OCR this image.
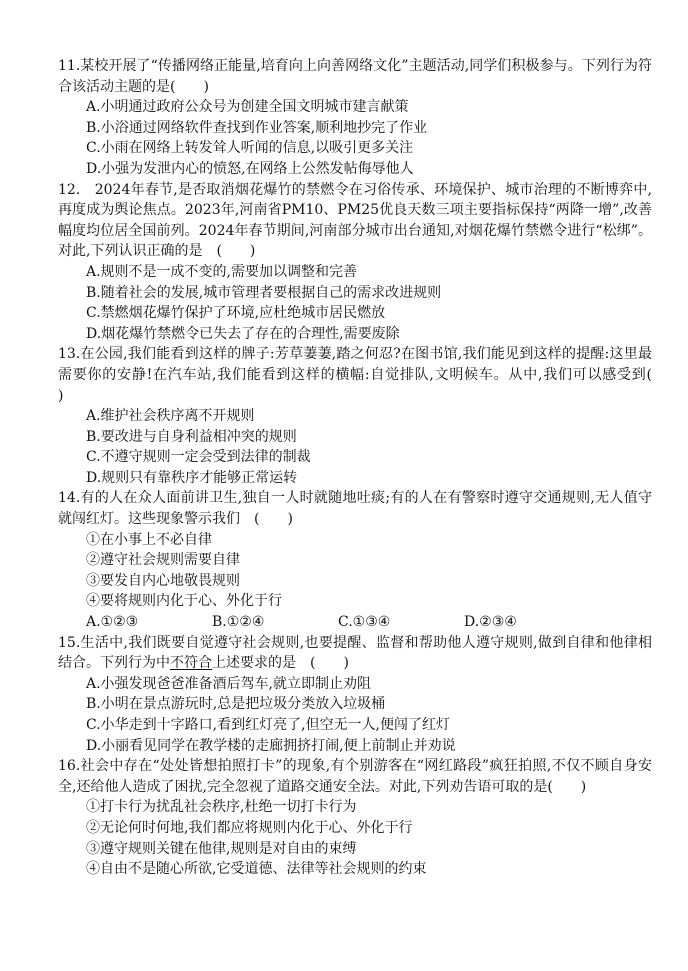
11.某校开展了“传播网络正能量,培育向上向善网络文化”主题活动,同学们积极参与。下列行为符合该活动主题的是(　　)

A.小明通过政府公众号为创建全国文明城市建言献策

B.小浴通过网络软件查找到作业答案,顺利地抄完了作业

C.小雨在网络上转发耸人听闻的信息,以吸引更多关注

D.小强为发泄内心的愤怒,在网络上公然发帖侮辱他人

12.　2024年春节,是否取消烟花爆竹的禁燃令在习俗传承、环境保护、城市治理的不断博弈中,再度成为舆论焦点。2023年,河南省PM10、PM25优良天数三项主要指标保持“两降一增”,改善幅度均位居全国前列。2024年春节期间,河南部分城市出台通知,对烟花爆竹禁燃令进行“松绑”。对此,下列认识正确的是　(　　)

A.规则不是一成不变的,需要加以调整和完善

B.随着社会的发展,城市管理者要根据自己的需求改进规则

C.禁燃烟花爆竹保护了环境,应杜绝城市居民燃放

D.烟花爆竹禁燃令已失去了存在的合理性,需要废除

13.在公园,我们能看到这样的牌子:芳草萋萋,踏之何忍?在图书馆,我们能见到这样的提醒:这里最需要你的安静!在汽车站,我们能看到这样的横幅:自觉排队,文明候车。从中,我们可以感受到(　　)

A.维护社会秩序离不开规则

B.要改进与自身利益相冲突的规则

C.不遵守规则一定会受到法律的制裁

D.规则只有靠秩序才能够正常运转

14.有的人在众人面前讲卫生,独自一人时就随地吐痰;有的人在有警察时遵守交通规则,无人值守就闯红灯。这些现象警示我们　(　　)

①在小事上不必自律

②遵守社会规则需要自律

③要发自内心地敬畏规则

④要将规则内化于心、外化于行

A.①②③	B.①②④	C.①③④	D.②③④

15.生活中,我们既要自觉遵守社会规则,也要提醒、监督和帮助他人遵守规则,做到自律和他律相结合。下列行为中不符合上述要求的是　(　　)

A.小强发现爸爸准备酒后驾车,就立即制止劝阻

B.小明在景点游玩时,总是把垃圾分类放入垃圾桶

C.小华走到十字路口,看到红灯亮了,但空无一人,便闯了红灯

D.小丽看见同学在教学楼的走廊拥挤打闹,便上前制止并劝说

16.社会中存在“处处皆想拍照打卡”的现象,有个别游客在“网红路段”疯狂拍照,不仅不顾自身安全,还给他人造成了困扰,完全忽视了道路交通安全法。对此,下列劝告语可取的是(　　)

①打卡行为扰乱社会秩序,杜绝一切打卡行为

②无论何时何地,我们都应将规则内化于心、外化于行

③遵守规则关键在他律,规则是对自由的束缚

④自由不是随心所欲,它受道德、法律等社会规则的约束
